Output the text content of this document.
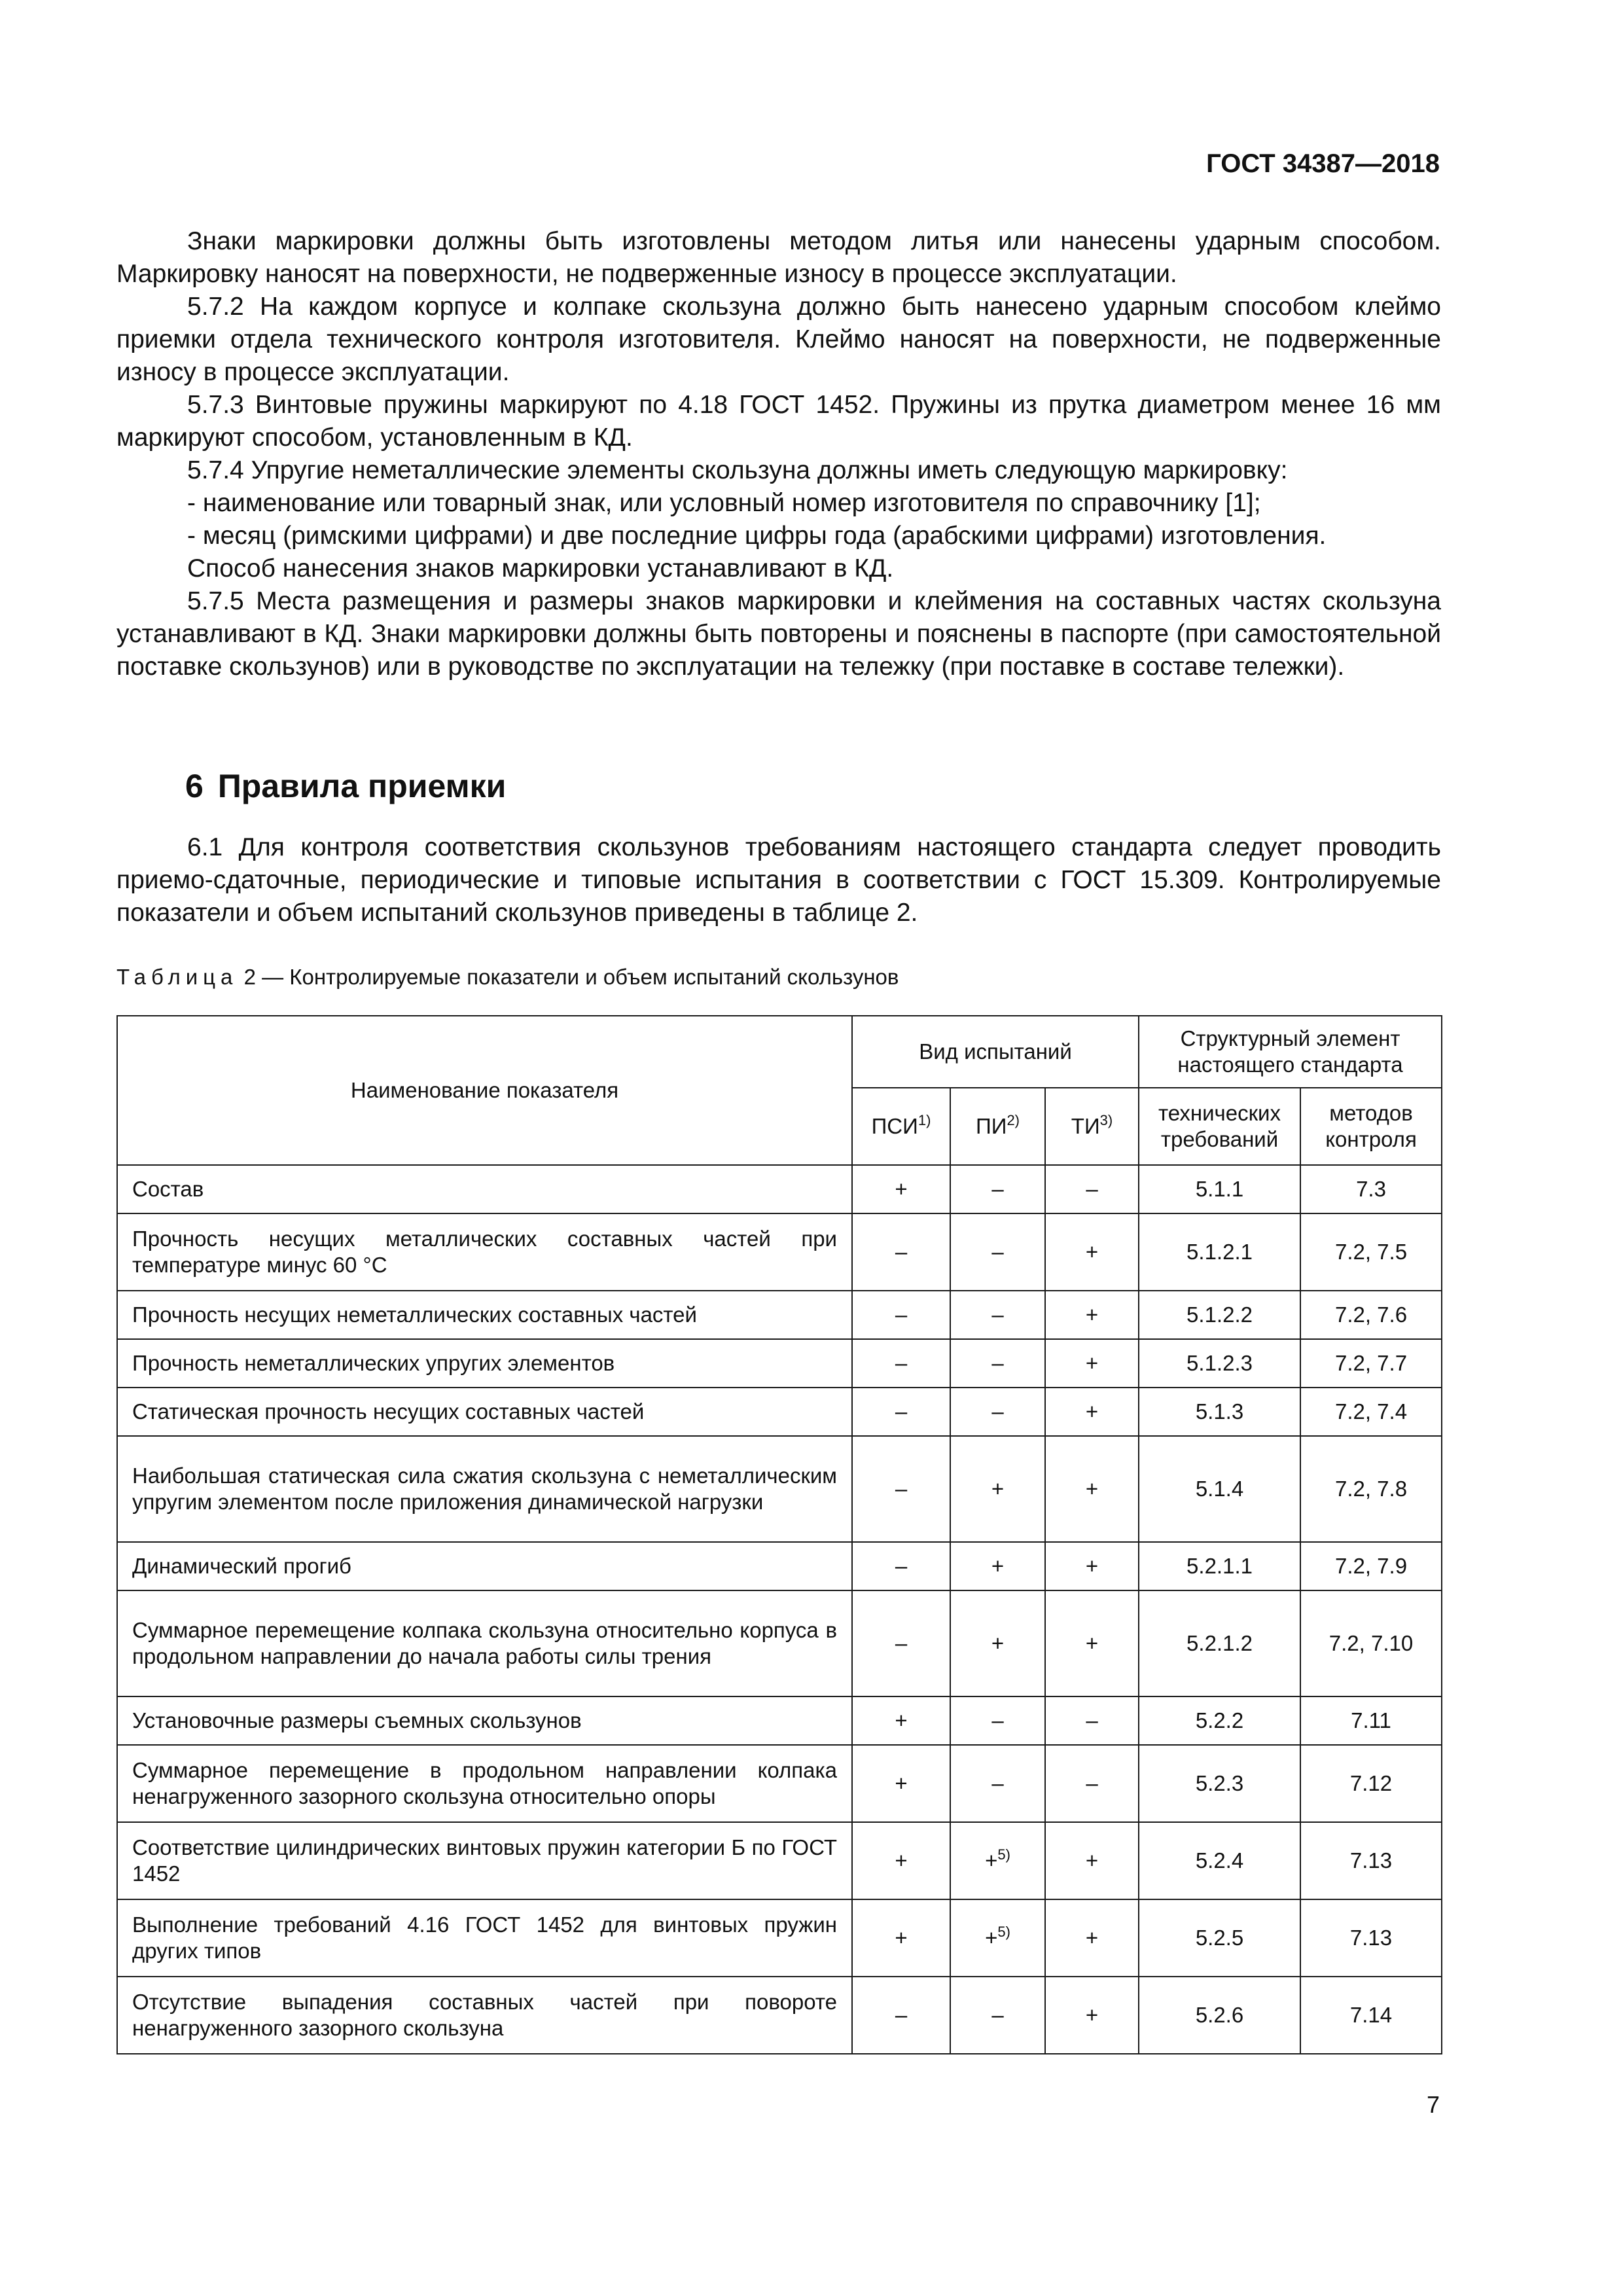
ГОСТ 34387—2018

Знаки маркировки должны быть изготовлены методом литья или нанесены ударным способом. Маркировку наносят на поверхности, не подверженные износу в процессе эксплуатации.

5.7.2 На каждом корпусе и колпаке скользуна должно быть нанесено ударным способом клеймо приемки отдела технического контроля изготовителя. Клеймо наносят на поверхности, не подверженные износу в процессе эксплуатации.

5.7.3 Винтовые пружины маркируют по 4.18 ГОСТ 1452. Пружины из прутка диаметром менее 16 мм маркируют способом, установленным в КД.

5.7.4 Упругие неметаллические элементы скользуна должны иметь следующую маркировку:

- наименование или товарный знак, или условный номер изготовителя по справочнику [1];

- месяц (римскими цифрами) и две последние цифры года (арабскими цифрами) изготовления.

Способ нанесения знаков маркировки устанавливают в КД.

5.7.5 Места размещения и размеры знаков маркировки и клеймения на составных частях скользуна устанавливают в КД. Знаки маркировки должны быть повторены и пояснены в паспорте (при самостоятельной поставке скользунов) или в руководстве по эксплуатации на тележку (при поставке в составе тележки).

6 Правила приемки

6.1 Для контроля соответствия скользунов требованиям настоящего стандарта следует проводить приемо-сдаточные, периодические и типовые испытания в соответствии с ГОСТ 15.309. Контролируемые показатели и объем испытаний скользунов приведены в таблице 2.

Таблица 2 — Контролируемые показатели и объем испытаний скользунов
Наименование показателя	Вид испытаний			Структурный элемент настоящего стандарта	
	ПСИ$^{1)}$	ПИ$^{2)}$	ТИ$^{3)}$	технических требований	методов контроля
Состав	+	–	–	5.1.1	7.3
Прочность несущих металлических составных частей при температуре минус 60 °С	–	–	+	5.1.2.1	7.2, 7.5
Прочность несущих неметаллических составных частей	–	–	+	5.1.2.2	7.2, 7.6
Прочность неметаллических упругих элементов	–	–	+	5.1.2.3	7.2, 7.7
Статическая прочность несущих составных частей	–	–	+	5.1.3	7.2, 7.4
Наибольшая статическая сила сжатия скользуна с неметаллическим упругим элементом после приложения динамической нагрузки	–	+	+	5.1.4	7.2, 7.8
Динамический прогиб	–	+	+	5.2.1.1	7.2, 7.9
Суммарное перемещение колпака скользуна относительно корпуса в продольном направлении до начала работы силы трения	–	+	+	5.2.1.2	7.2, 7.10
Установочные размеры съемных скользунов	+	–	–	5.2.2	7.11
Суммарное перемещение в продольном направлении колпака ненагруженного зазорного скользуна относительно опоры	+	–	–	5.2.3	7.12
Соответствие цилиндрических винтовых пружин категории Б по ГОСТ 1452	+	+$^{5)}$	+	5.2.4	7.13
Выполнение требований 4.16 ГОСТ 1452 для винтовых пружин других типов	+	+$^{5)}$	+	5.2.5	7.13
Отсутствие выпадения составных частей при повороте ненагруженного зазорного скользуна	–	–	+	5.2.6	7.14
7
